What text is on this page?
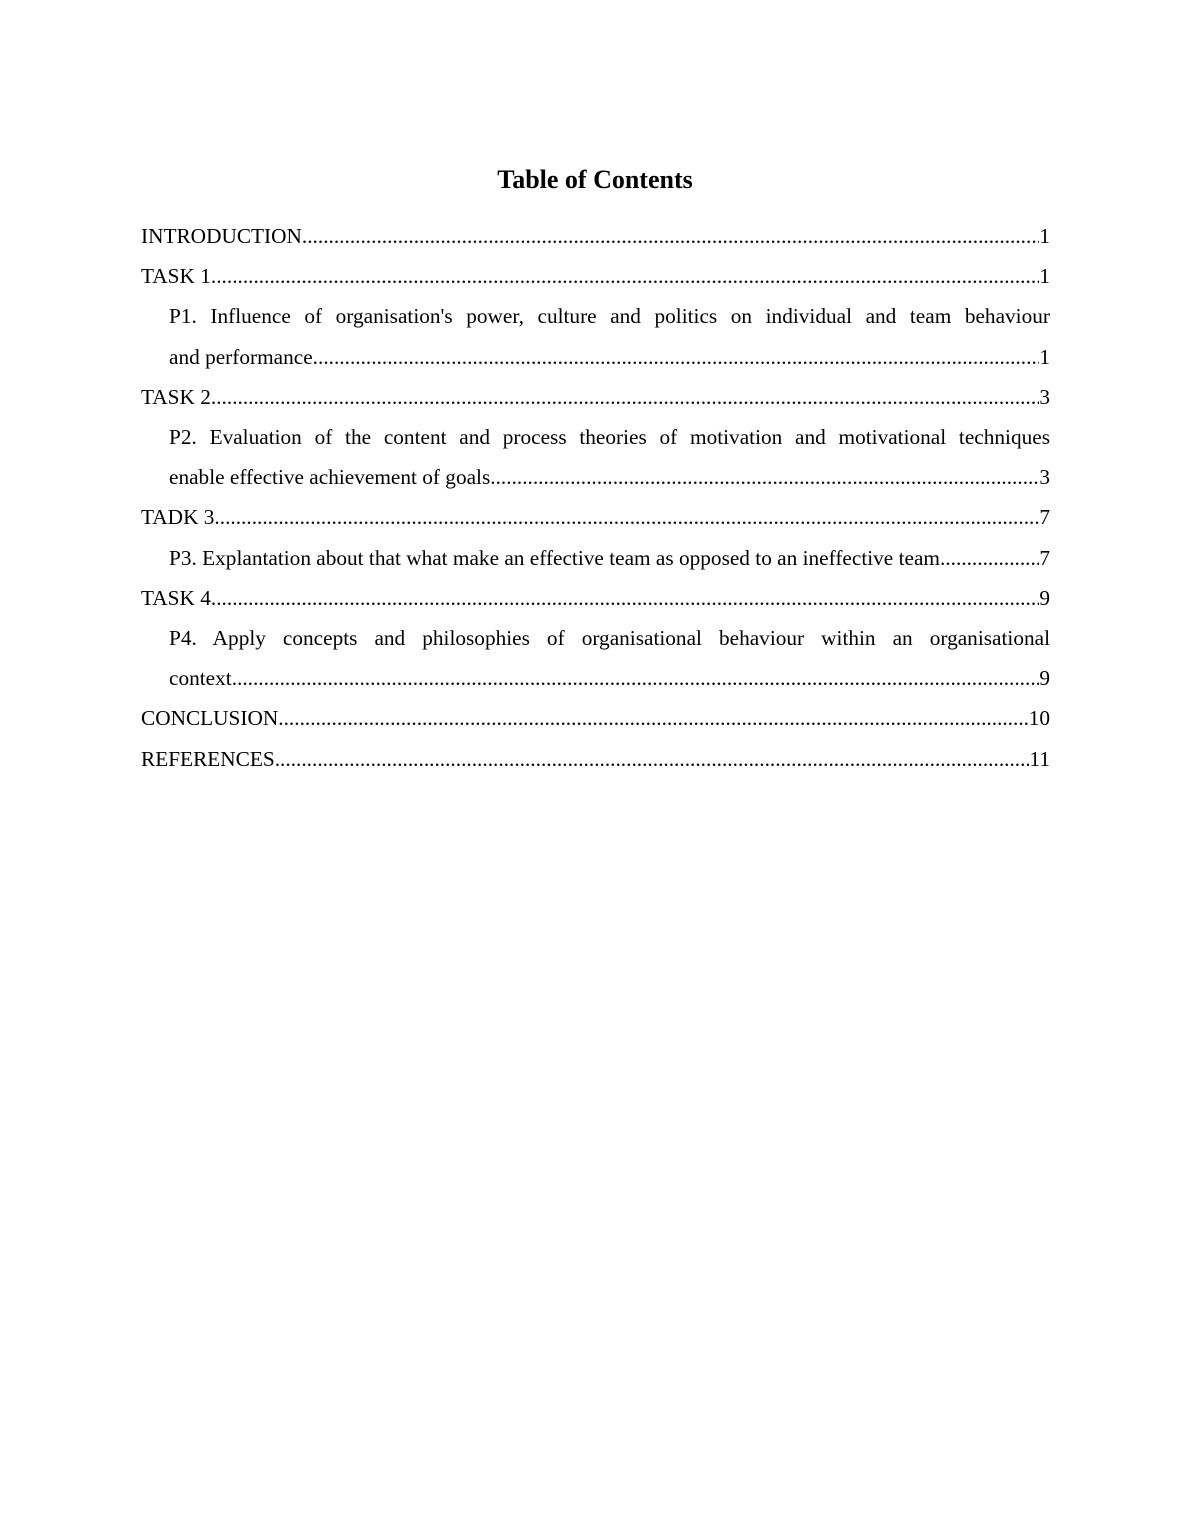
Table of Contents
INTRODUCTION .....	1
TASK 1 .....	1
P1. Influence of organisation's power, culture and politics on individual and team behaviour
and performance .....	1
TASK 2 .....	3
P2. Evaluation of the content and process theories of motivation and motivational techniques
enable effective achievement of goals .....	3
TADK 3 .....	7
P3. Explantation about that what make an effective team as opposed to an ineffective team. .....	7
TASK 4 .....	9
P4. Apply concepts and philosophies of organisational behaviour within an organisational
context .....	9
CONCLUSION .....	10
REFERENCES .....	11
